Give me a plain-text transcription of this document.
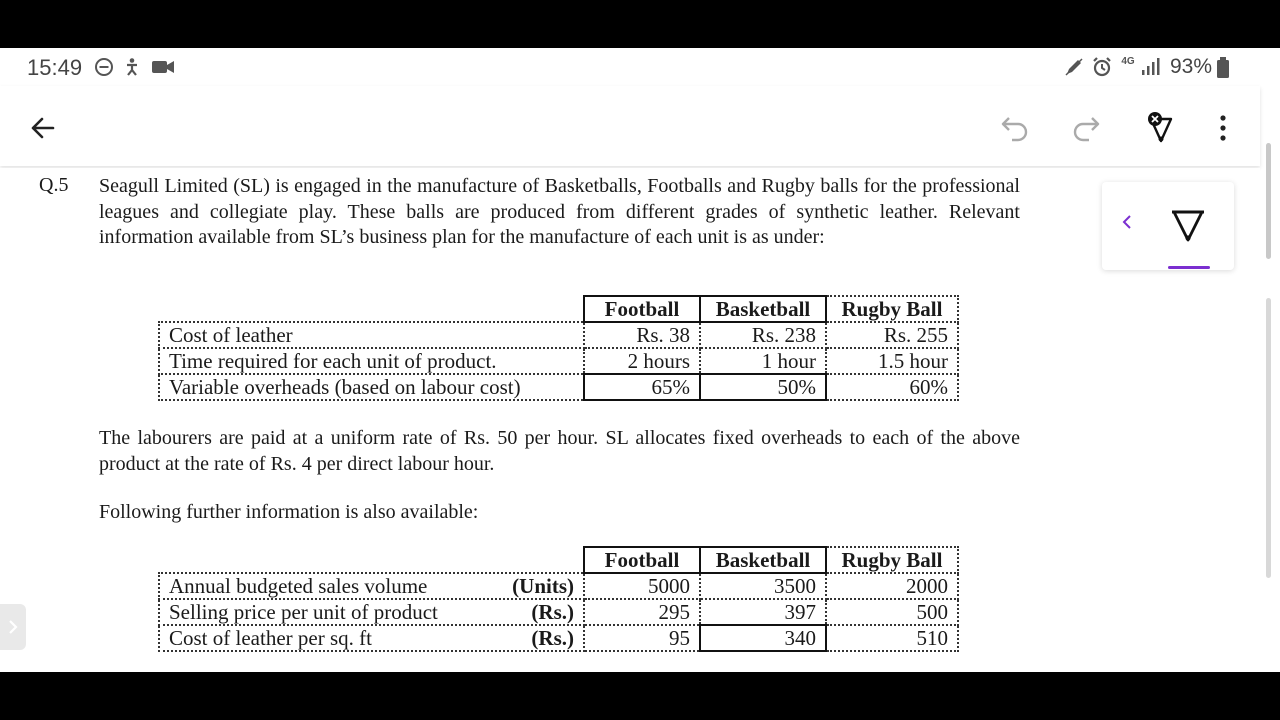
15:49	4G 93%
Q.5 Seagull Limited (SL) is engaged in the manufacture of Basketballs, Footballs and Rugby balls for the professional leagues and collegiate play. These balls are produced from different grades of synthetic leather. Relevant information available from SL’s business plan for the manufacture of each unit is as under:
	Football	Basketball	Rugby Ball
Cost of leather	Rs. 38	Rs. 238	Rs. 255
Time required for each unit of product.	2 hours	1 hour	1.5 hour
Variable overheads (based on labour cost)	65%	50%	60%
The labourers are paid at a uniform rate of Rs. 50 per hour. SL allocates fixed overheads to each of the above product at the rate of Rs. 4 per direct labour hour.
Following further information is also available:
	Football	Basketball	Rugby Ball
Annual budgeted sales volume (Units)	5000	3500	2000
Selling price per unit of product (Rs.)	295	397	500
Cost of leather per sq. ft (Rs.)	95	340	510
